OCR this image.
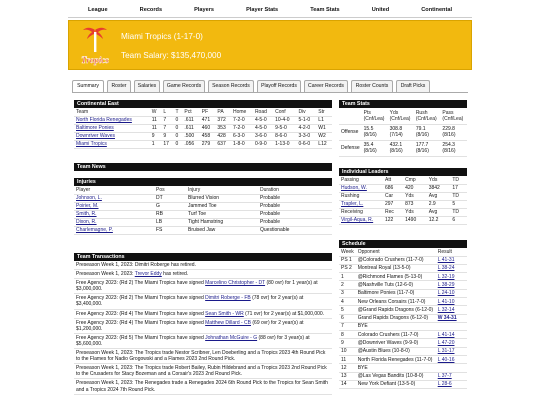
League	Records	Players	Player Stats	Team Stats	United	Continental
Tropics
Miami Tropics (1-17-0)
Team Salary: $135,470,000
Summary	Roster	Salaries	Game Records	Season Records	Playoff Records	Career Records	Roster Counts	Draft Picks
Continental East
Team	W	L	T	Pct	PF	PA	Home	Road	Conf	Div	Str
North Florida Renegades	11	7	0	.611	471	372	7-2-0	4-5-0	10-4-0	5-1-0	L1
Baltimore Ponies	11	7	0	.611	460	353	7-2-0	4-5-0	9-5-0	4-2-0	W1
Downriver Waves	9	9	0	.500	458	428	6-3-0	3-6-0	8-6-0	3-3-0	W2
Miami Tropics	1	17	0	.056	279	637	1-8-0	0-9-0	1-13-0	0-6-0	L12
Team News
Injuries
Player	Pos	Injury	Duration
Johnson, L.	DT	Blurred Vision	Probable
Poirier, M.	G	Jammed Toe	Probable
Smith, R.	RB	Turf Toe	Probable
Dixon, R.	LB	Tight Hamstring	Probable
Charlemagne, P.	FS	Bruised Jaw	Questionable
Team Transactions
Preseason Week 1, 2023: Dimitri Roberge has retired.
Preseason Week 1, 2023: Trevor Eddy has retired.
Free Agency 2023: (Rd 2) The Miami Tropics have signed Marcelino Christopher - DT (80 ovr) for 1 year(s) at $3,000,000.
Free Agency 2023: (Rd 2) The Miami Tropics have signed Dimitri Roberge - FB (78 ovr) for 2 year(s) at $3,400,000.
Free Agency 2023: (Rd 4) The Miami Tropics have signed Sean Smith - WR (71 ovr) for 2 year(s) at $1,000,000.
Free Agency 2023: (Rd 4) The Miami Tropics have signed Matthew Dillard - CB (69 ovr) for 2 year(s) at $1,200,000.
Free Agency 2023: (Rd 5) The Miami Tropics have signed Johnathan McGuire - G (88 ovr) for 3 year(s) at $5,600,000.
Preseason Week 1, 2023: The Tropics trade Nestor Scribner, Len Doeberling and a Tropics 2023 4th Round Pick to the Flames for Nadio Grogowski and a Flames 2023 2nd Round Pick.
Preseason Week 1, 2023: The Tropics trade Robert Bailey, Rubin Hildebrand and a Tropics 2023 2nd Round Pick to the Crusaders for Stacy Bozeman and a Corsair's 2023 2nd Round Pick.
Preseason Week 1, 2023: The Renegades trade a Renegades 2024 6th Round Pick to the Tropics for Sean Smith and a Tropics 2024 7th Round Pick.
Team Stats
	Pts (Cnf/Lea)	Yds (Cnf/Lea)	Rush (Cnf/Lea)	Pass (Cnf/Lea)
Offense	15.5 (8/16)	308.8 (7/14)	79.1 (8/16)	229.8 (8/16)
Defense	35.4 (8/16)	432.1 (8/16)	177.7 (8/16)	254.3 (8/16)
Individual Leaders
Passing	Att	Cmp	Yds	TD
Hudson, W.	686	420	3842	17
Rushing	Car	Yds	Avg	TD
Trapler, L.	297	873	2.9	5
Receiving	Rec	Yds	Avg	TD
Virgil-Aqua, R.	122	1490	12.2	6
Schedule
Week	Opponent	Result
PS 1	@Colorado Crushers (11-7-0)	L 41-31
PS 2	Montreal Royal (13-5-0)	L 38-24
1	@Richmond Flames (5-13-0)	L 32-19
2	@Nashville Tuts (12-6-0)	L 38-29
3	Baltimore Ponies (11-7-0)	L 24-10
4	New Orleans Corsairs (11-7-0)	L 41-10
5	@Grand Rapids Dragons (6-12-0)	L 32-14
6	Grand Rapids Dragons (6-12-0)	W 34-31
7	BYE	
8	Colorado Crushers (11-7-0)	L 41-14
9	@Downriver Waves (9-9-0)	L 47-20
10	@Austin Blues (10-8-0)	L 31-17
11	North Florida Renegades (11-7-0)	L 40-16
12	BYE	
13	@Las Vegas Bandits (10-8-0)	L 37-7
14	New York Defiant (13-5-0)	L 28-6
